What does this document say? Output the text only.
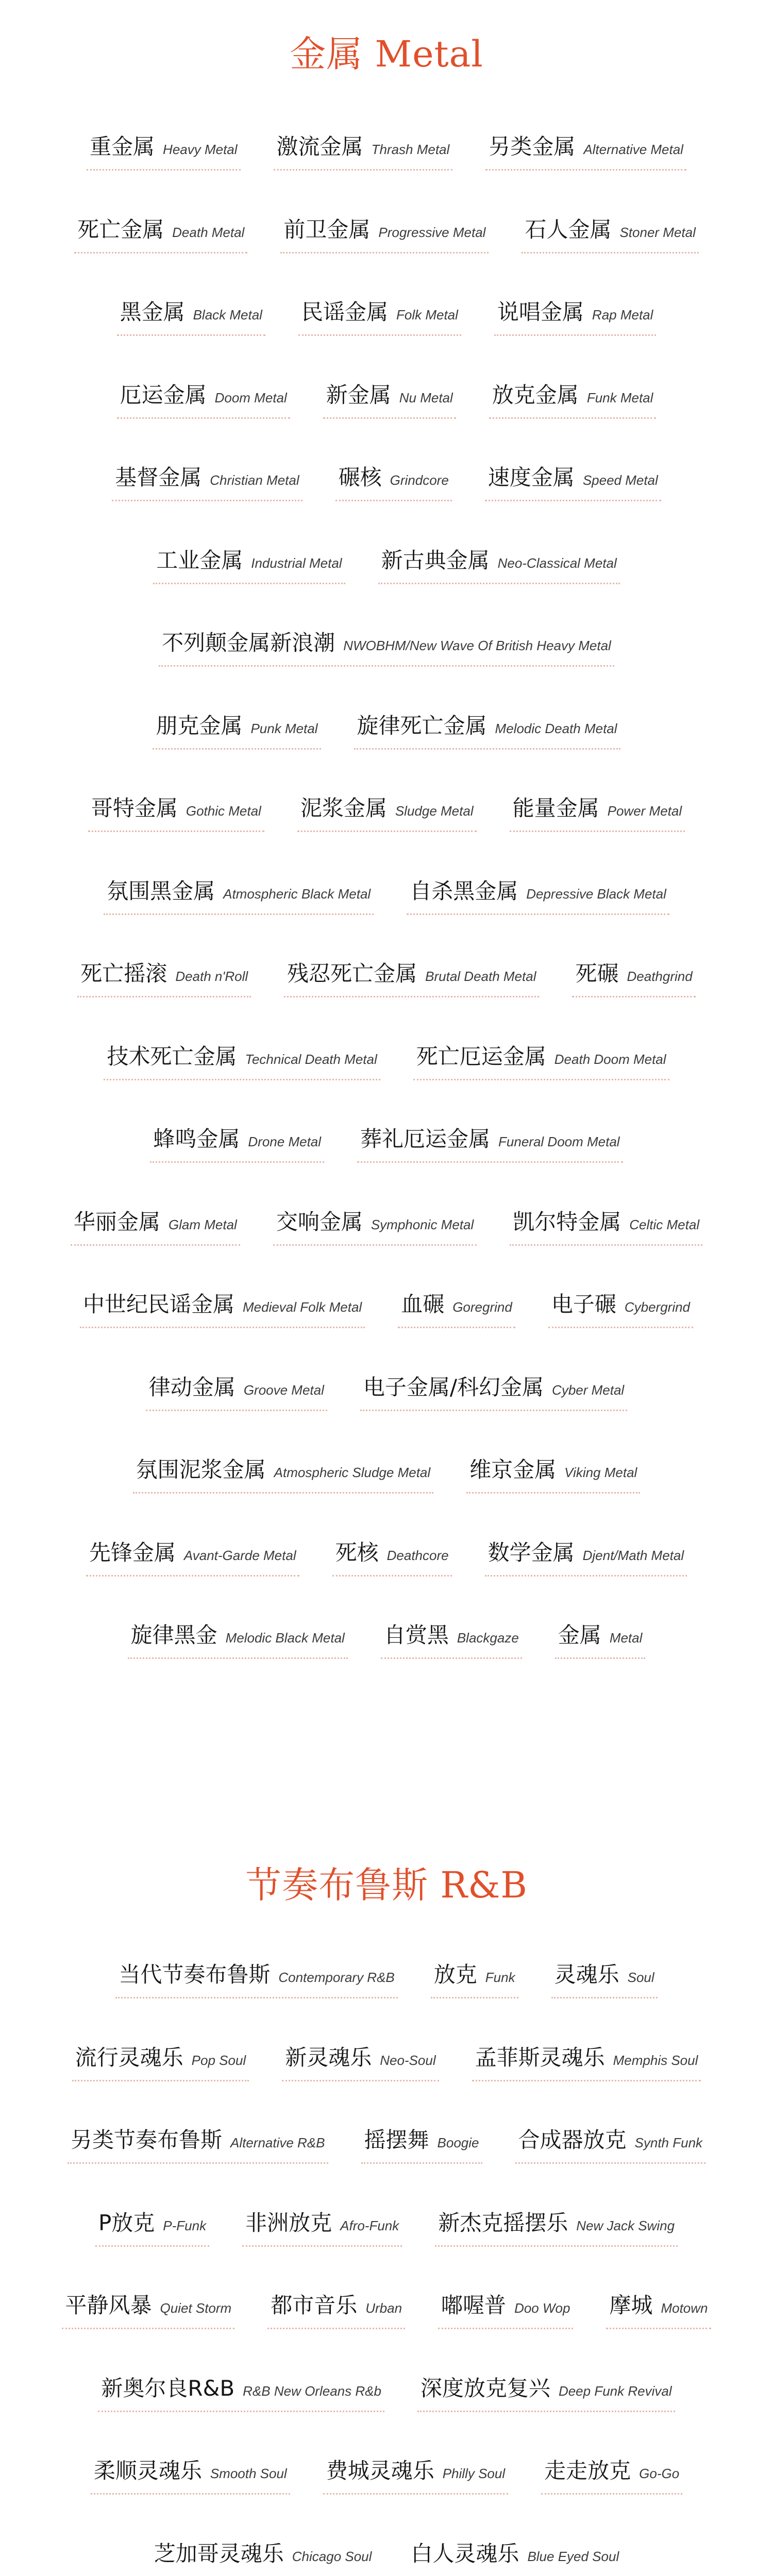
金属 Metal
重金属 Heavy Metal 激流金属 Thrash Metal 另类金属 Alternative Metal
死亡金属 Death Metal 前卫金属 Progressive Metal 石人金属 Stoner Metal
黑金属 Black Metal 民谣金属 Folk Metal 说唱金属 Rap Metal
厄运金属 Doom Metal 新金属 Nu Metal 放克金属 Funk Metal
基督金属 Christian Metal 碾核 Grindcore 速度金属 Speed Metal
工业金属 Industrial Metal 新古典金属 Neo-Classical Metal
不列颠金属新浪潮 NWOBHM/New Wave Of British Heavy Metal
朋克金属 Punk Metal 旋律死亡金属 Melodic Death Metal
哥特金属 Gothic Metal 泥浆金属 Sludge Metal 能量金属 Power Metal
氛围黑金属 Atmospheric Black Metal 自杀黑金属 Depressive Black Metal
死亡摇滚 Death n'Roll 残忍死亡金属 Brutal Death Metal 死碾 Deathgrind
技术死亡金属 Technical Death Metal 死亡厄运金属 Death Doom Metal
蜂鸣金属 Drone Metal 葬礼厄运金属 Funeral Doom Metal
华丽金属 Glam Metal 交响金属 Symphonic Metal 凯尔特金属 Celtic Metal
中世纪民谣金属 Medieval Folk Metal 血碾 Goregrind 电子碾 Cybergrind
律动金属 Groove Metal 电子金属/科幻金属 Cyber Metal
氛围泥浆金属 Atmospheric Sludge Metal 维京金属 Viking Metal
先锋金属 Avant-Garde Metal 死核 Deathcore 数学金属 Djent/Math Metal
旋律黑金 Melodic Black Metal 自赏黑 Blackgaze 金属 Metal
节奏布鲁斯 R&B
当代节奏布鲁斯 Contemporary R&B 放克 Funk 灵魂乐 Soul
流行灵魂乐 Pop Soul 新灵魂乐 Neo-Soul 孟菲斯灵魂乐 Memphis Soul
另类节奏布鲁斯 Alternative R&B 摇摆舞 Boogie 合成器放克 Synth Funk
P放克 P-Funk 非洲放克 Afro-Funk 新杰克摇摆乐 New Jack Swing
平静风暴 Quiet Storm 都市音乐 Urban 嘟喔普 Doo Wop 摩城 Motown
新奥尔良R&B R&B New Orleans R&b 深度放克复兴 Deep Funk Revival
柔顺灵魂乐 Smooth Soul 费城灵魂乐 Philly Soul 走走放克 Go-Go
芝加哥灵魂乐 Chicago Soul 白人灵魂乐 Blue Eyed Soul
